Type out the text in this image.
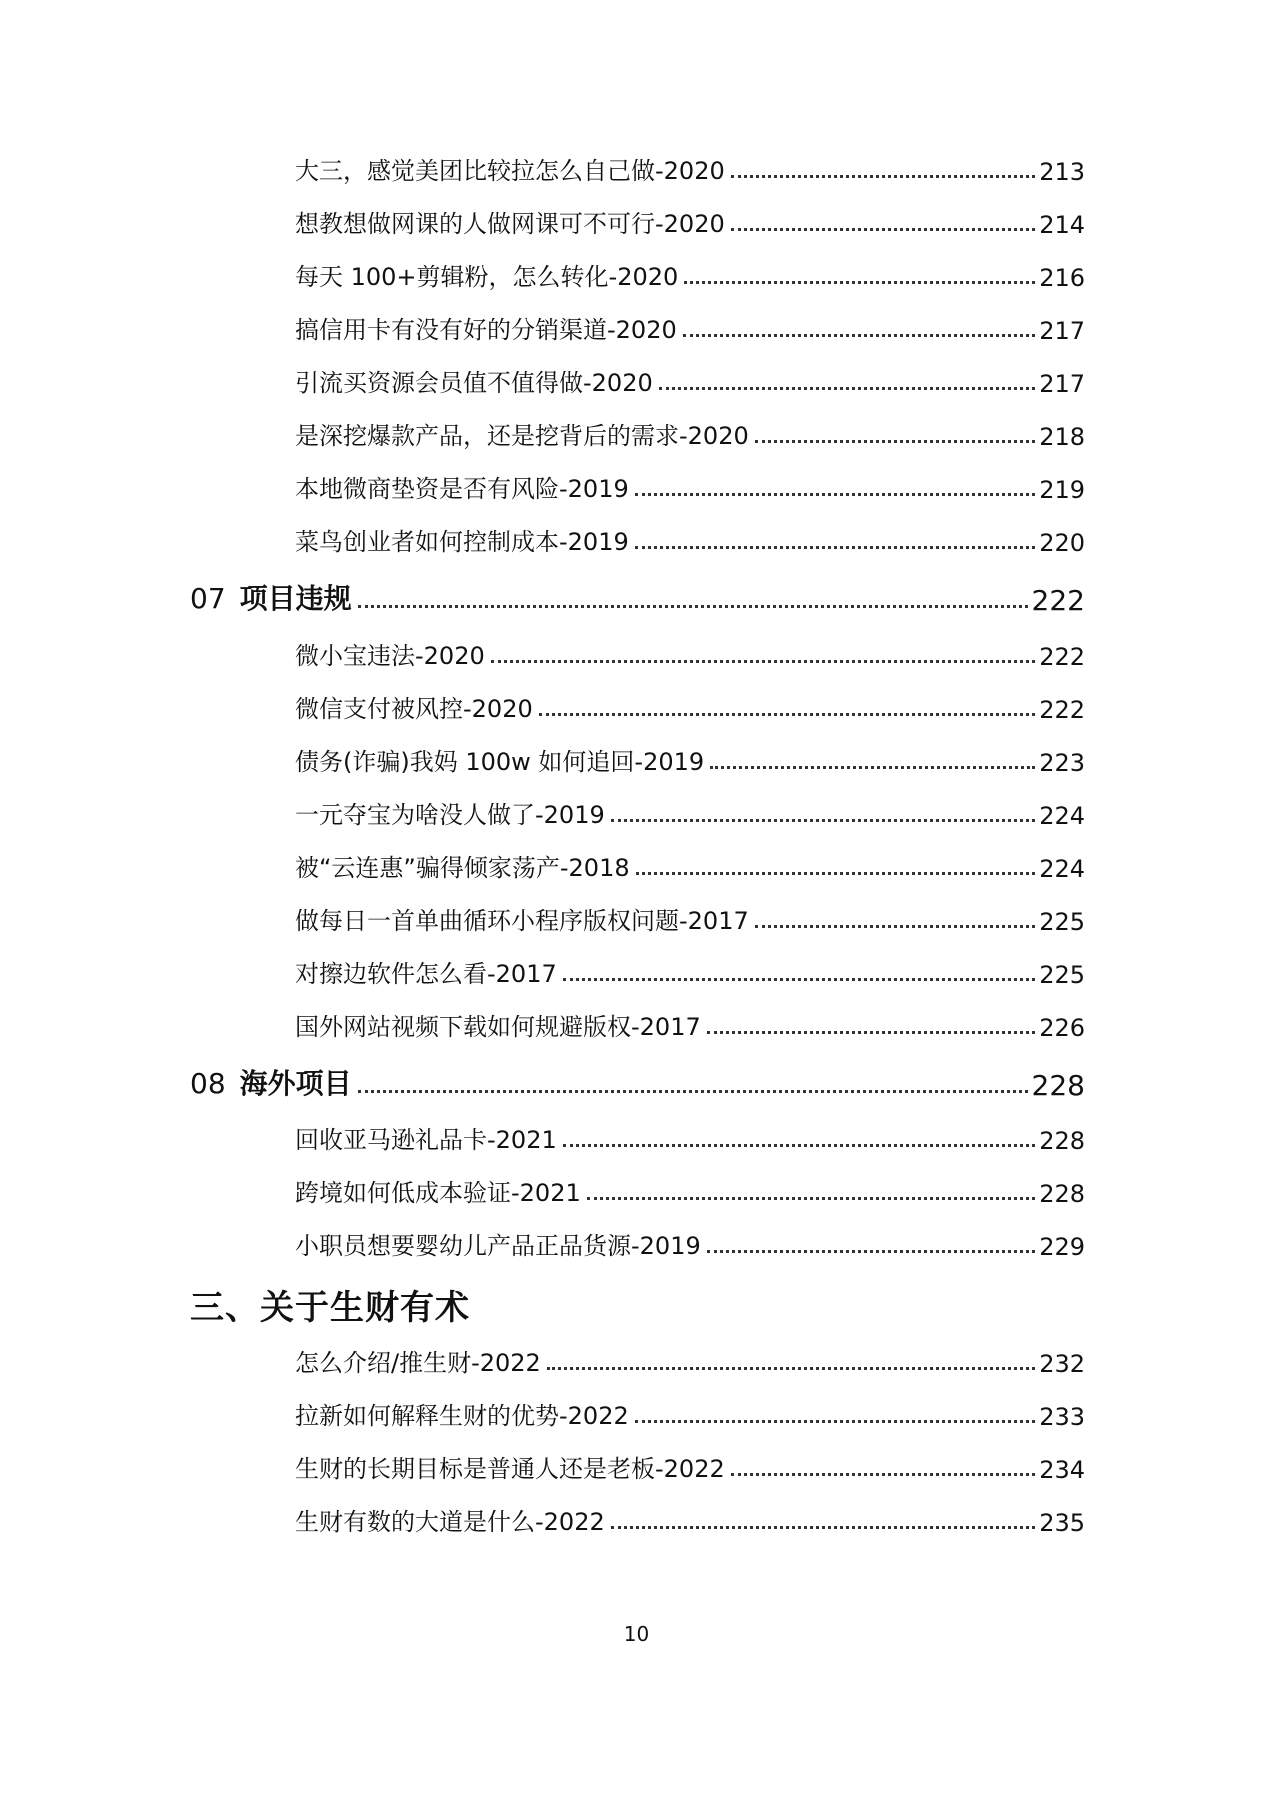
大三，感觉美团比较拉怎么自己做-2020	213
想教想做网课的人做网课可不可行-2020	214
每天 100+剪辑粉，怎么转化-2020	216
搞信用卡有没有好的分销渠道-2020	217
引流买资源会员值不值得做-2020	217
是深挖爆款产品，还是挖背后的需求-2020	218
本地微商垫资是否有风险-2019	219
菜鸟创业者如何控制成本-2019	220
07 项目违规	222
微小宝违法-2020	222
微信支付被风控-2020	222
债务(诈骗)我妈 100w 如何追回-2019	223
一元夺宝为啥没人做了-2019	224
被“云连惠”骗得倾家荡产-2018	224
做每日一首单曲循环小程序版权问题-2017	225
对擦边软件怎么看-2017	225
国外网站视频下载如何规避版权-2017	226
08 海外项目	228
回收亚马逊礼品卡-2021	228
跨境如何低成本验证-2021	228
小职员想要婴幼儿产品正品货源-2019	229
三、关于生财有术
怎么介绍/推生财-2022	232
拉新如何解释生财的优势-2022	233
生财的长期目标是普通人还是老板-2022	234
生财有数的大道是什么-2022	235
10
